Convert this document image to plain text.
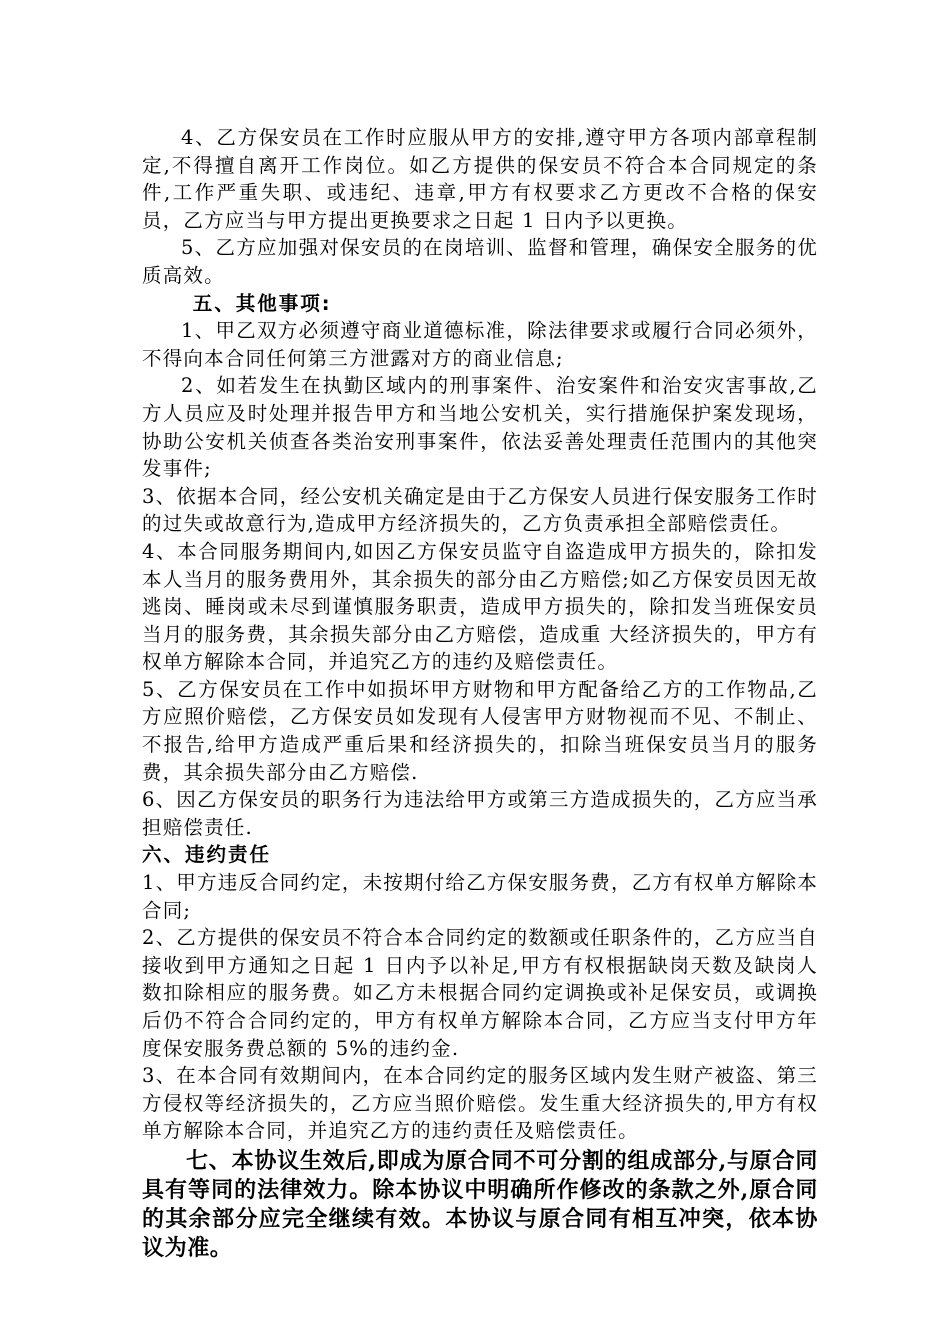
4、乙方保安员在工作时应服从甲方的安排,遵守甲方各项内部章程制定,不得擅自离开工作岗位。如乙方提供的保安员不符合本合同规定的条件,工作严重失职、或违纪、违章,甲方有权要求乙方更改不合格的保安员，乙方应当与甲方提出更换要求之日起 1 日内予以更换。

5、乙方应加强对保安员的在岗培训、监督和管理，确保安全服务的优质高效。

五、其他事项:

1、甲乙双方必须遵守商业道德标准，除法律要求或履行合同必须外，不得向本合同任何第三方泄露对方的商业信息;

2、如若发生在执勤区域内的刑事案件、治安案件和治安灾害事故,乙方人员应及时处理并报告甲方和当地公安机关，实行措施保护案发现场，协助公安机关侦查各类治安刑事案件，依法妥善处理责任范围内的其他突发事件;

3、依据本合同，经公安机关确定是由于乙方保安人员进行保安服务工作时的过失或故意行为,造成甲方经济损失的，乙方负责承担全部赔偿责任。

4、本合同服务期间内,如因乙方保安员监守自盗造成甲方损失的，除扣发本人当月的服务费用外，其余损失的部分由乙方赔偿;如乙方保安员因无故逃岗、睡岗或未尽到谨慎服务职责，造成甲方损失的，除扣发当班保安员当月的服务费，其余损失部分由乙方赔偿，造成重 大经济损失的，甲方有权单方解除本合同，并追究乙方的违约及赔偿责任。

5、乙方保安员在工作中如损坏甲方财物和甲方配备给乙方的工作物品,乙方应照价赔偿，乙方保安员如发现有人侵害甲方财物视而不见、不制止、不报告,给甲方造成严重后果和经济损失的，扣除当班保安员当月的服务费，其余损失部分由乙方赔偿.

6、因乙方保安员的职务行为违法给甲方或第三方造成损失的，乙方应当承担赔偿责任.

六、违约责任

1、甲方违反合同约定，未按期付给乙方保安服务费，乙方有权单方解除本合同;

2、乙方提供的保安员不符合本合同约定的数额或任职条件的，乙方应当自接收到甲方通知之日起 1 日内予以补足,甲方有权根据缺岗天数及缺岗人数扣除相应的服务费。如乙方未根据合同约定调换或补足保安员，或调换后仍不符合合同约定的，甲方有权单方解除本合同，乙方应当支付甲方年度保安服务费总额的 5%的违约金.

3、在本合同有效期间内，在本合同约定的服务区域内发生财产被盗、第三方侵权等经济损失的，乙方应当照价赔偿。发生重大经济损失的,甲方有权单方解除本合同，并追究乙方的违约责任及赔偿责任。

七、本协议生效后,即成为原合同不可分割的组成部分,与原合同具有等同的法律效力。除本协议中明确所作修改的条款之外,原合同的其余部分应完全继续有效。本协议与原合同有相互冲突，依本协议为准。
